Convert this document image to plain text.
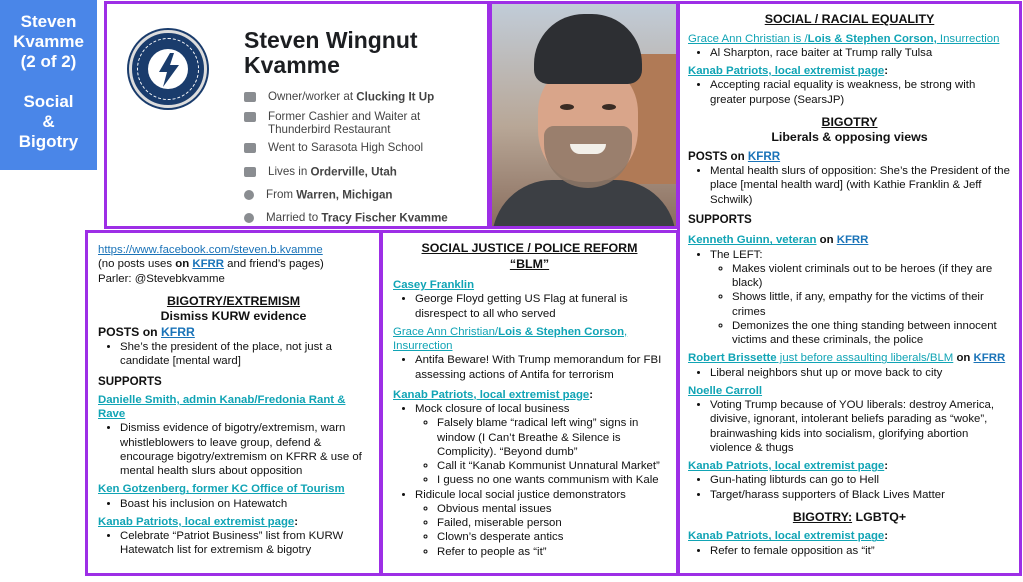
Steven
Kvamme
(2 of 2)
Social
&
Bigotry
Steven Wingnut Kvamme
Owner/worker at Clucking It Up
Former Cashier and Waiter at Thunderbird Restaurant
Went to Sarasota High School
Lives in Orderville, Utah
From Warren, Michigan
Married to Tracy Fischer Kvamme

https://www.facebook.com/steven.b.kvamme

(no posts uses on KFRR and friend’s pages)

Parler: @Stevebkvamme

BIGOTRY/EXTREMISM

Dismiss KURW evidence

POSTS on KFRR

• She’s the president of the place, not just a candidate [mental ward]

SUPPORTS

Danielle Smith, admin Kanab/Fredonia Rant & Rave

• Dismiss evidence of bigotry/extremism, warn whistleblowers to leave group, defend & encourage bigotry/extremism on KFRR & use of mental health slurs about opposition

Ken Gotzenberg, former KC Office of Tourism

• Boast his inclusion on Hatewatch

Kanab Patriots, local extremist page:

• Celebrate “Patriot Business” list from KURW Hatewatch list for extremism & bigotry

SOCIAL JUSTICE / POLICE REFORM

“BLM”

Casey Franklin

• George Floyd getting US Flag at funeral is disrespect to all who served

Grace Ann Christian/Lois & Stephen Corson, Insurrection

• Antifa Beware! With Trump memorandum for FBI assessing actions of Antifa for terrorism

Kanab Patriots, local extremist page:

• Mock closure of local business
◦ Falsely blame “radical left wing” signs in window (I Can’t Breathe & Silence is Complicity). “Beyond dumb”
◦ Call it “Kanab Kommunist Unnatural Market”
◦ I guess no one wants communism with Kale
• Ridicule local social justice demonstrators
◦ Obvious mental issues
◦ Failed, miserable person
◦ Clown’s desperate antics
◦ Refer to people as “it”

SOCIAL / RACIAL EQUALITY

Grace Ann Christian is /Lois & Stephen Corson, Insurrection

• Al Sharpton, race baiter at Trump rally Tulsa

Kanab Patriots, local extremist page:

• Accepting racial equality is weakness, be strong with greater purpose (SearsJP)

BIGOTRY

Liberals & opposing views

POSTS on KFRR

• Mental health slurs of opposition: She’s the President of the place [mental health ward] (with Kathie Franklin & Jeff Schwilk)

SUPPORTS

Kenneth Guinn, veteran on KFRR

• The LEFT:
◦ Makes violent criminals out to be heroes (if they are black)
◦ Shows little, if any, empathy for the victims of their crimes
◦ Demonizes the one thing standing between innocent victims and these criminals, the police

Robert Brissette just before assaulting liberals/BLM on KFRR

• Liberal neighbors shut up or move back to city

Noelle Carroll

• Voting Trump because of YOU liberals: destroy America, divisive, ignorant, intolerant beliefs parading as “woke”, brainwashing kids into socialism, glorifying abortion violence & thugs

Kanab Patriots, local extremist page:

• Gun-hating libturds can go to Hell
• Target/harass supporters of Black Lives Matter

BIGOTRY: LGBTQ+

Kanab Patriots, local extremist page:

• Refer to female opposition as “it”
